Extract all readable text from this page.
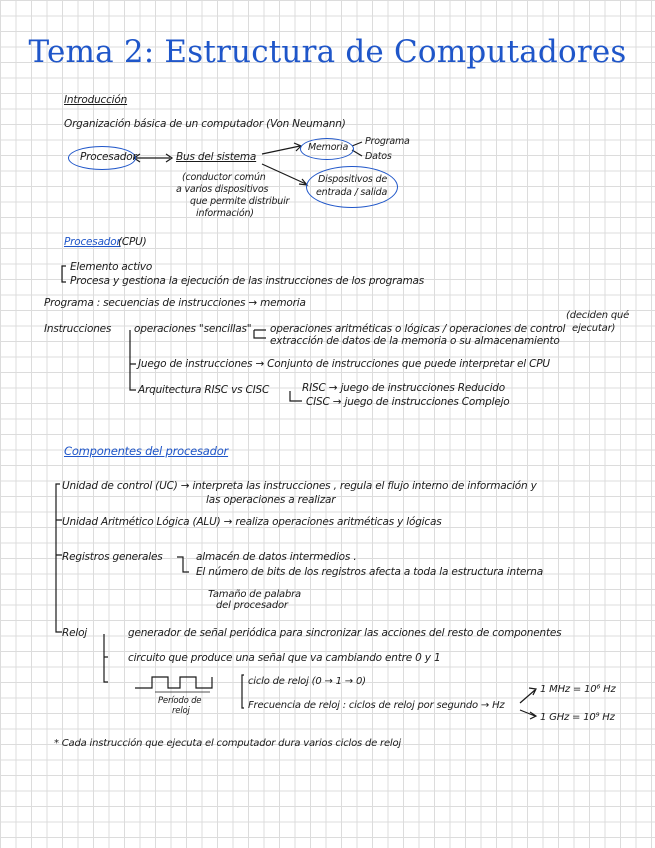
Tema 2: Estructura de Computadores
Introducción
Organización básica de un computador (Von Neumann)
Procesador	Bus del sistema
(conductor común
a varios dispositivos
que permite distribuir
información)
Memoria
Programa
Datos
Dispositivos de
entrada / salida
Procesador
(CPU)
Elemento activo
Procesa y gestiona la ejecución de las instrucciones de los programas
Programa : secuencias de instrucciones → memoria
Instrucciones operaciones "sencillas" operaciones aritméticas o lógicas / operaciones de control
extracción de datos de la memoria o su almacenamiento
(deciden qué
ejecutar)
Juego de instrucciones → Conjunto de instrucciones que puede interpretar el CPU
Arquitectura RISC vs CISC	RISC → juego de instrucciones Reducido
CISC → juego de instrucciones Complejo
Componentes del procesador
Unidad de control (UC) → interpreta las instrucciones , regula el flujo interno de información y
las operaciones a realizar
Unidad Aritmético Lógica (ALU) → realiza operaciones aritméticas y lógicas
Registros generales	almacén de datos intermedios .
El número de bits de los registros afecta a toda la estructura interna
Tamaño de palabra
del procesador
Reloj	generador de señal periódica para sincronizar las acciones del resto de componentes
circuito que produce una señal que va cambiando entre 0 y 1
Período de
reloj
ciclo de reloj (0 → 1 → 0)
Frecuencia de reloj : ciclos de reloj por segundo → Hz
1 MHz = 10⁶ Hz
1 GHz = 10⁹ Hz
* Cada instrucción que ejecuta el computador dura varios ciclos de reloj
